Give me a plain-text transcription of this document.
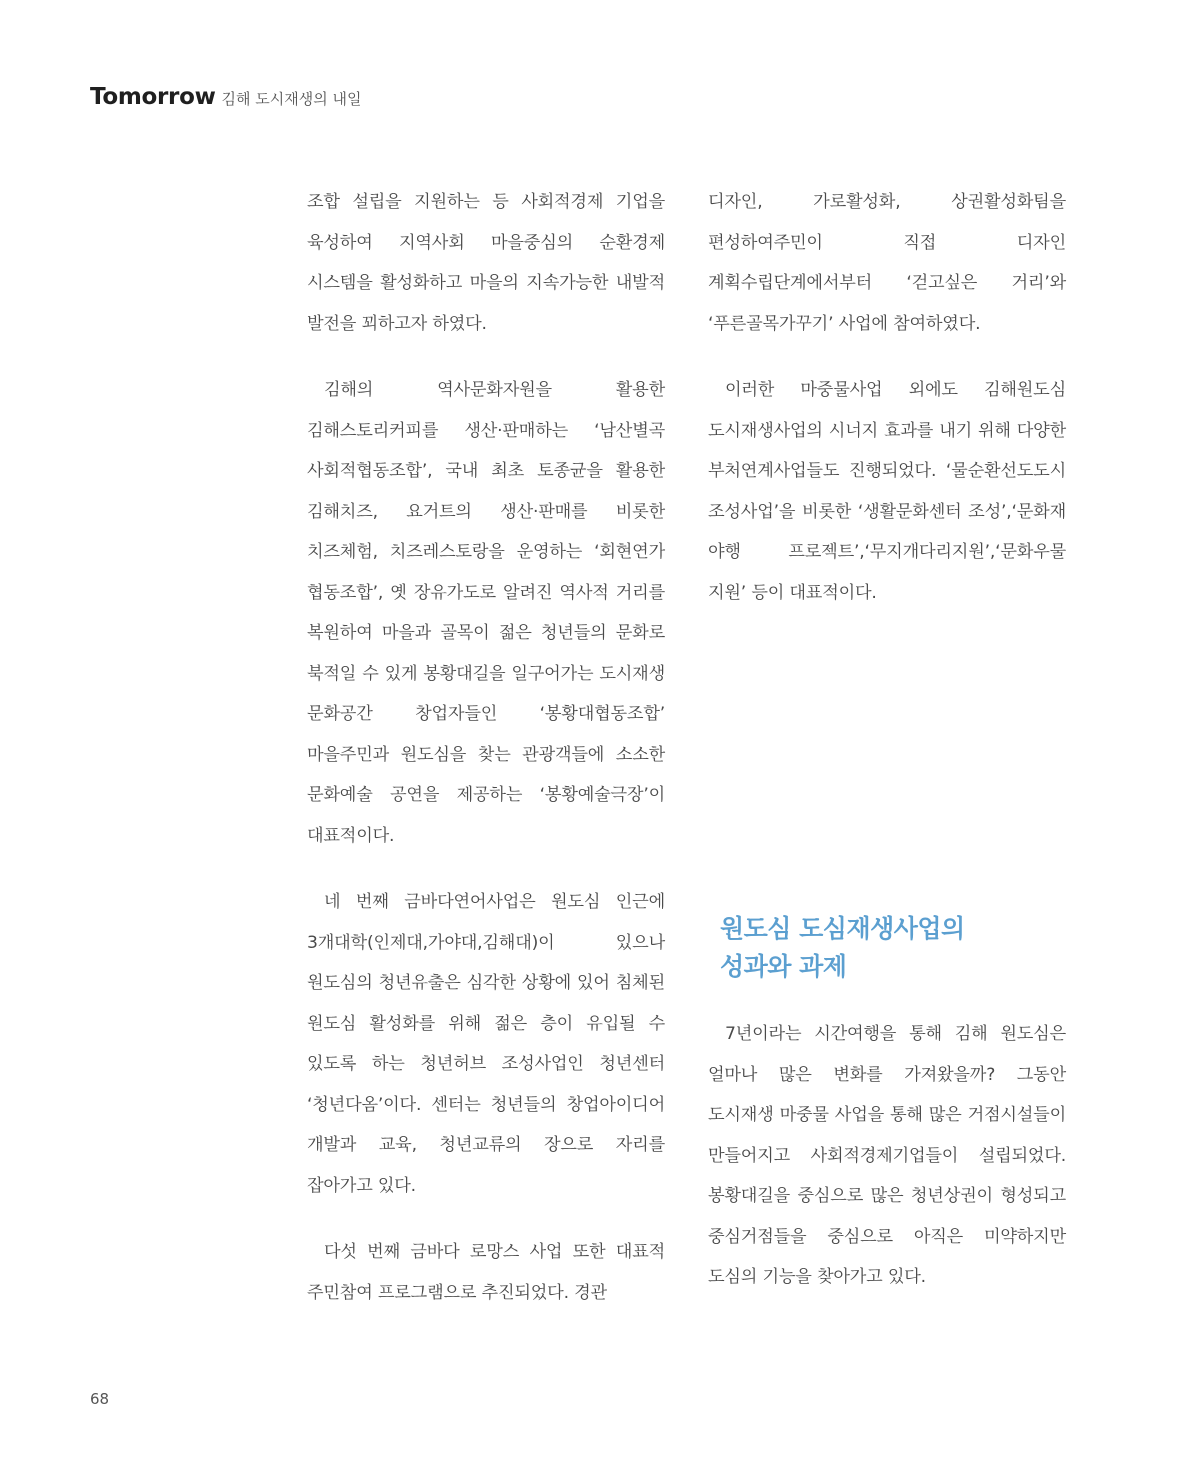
Tomorrow 김해 도시재생의 내일

조합 설립을 지원하는 등 사회적경제 기업을 육성하여 지역사회 마을중심의 순환경제 시스템을 활성화하고 마을의 지속가능한 내발적 발전을 꾀하고자 하였다.

김해의 역사문화자원을 활용한 김해스토리커피를 생산·판매하는 ‘남산별곡 사회적협동조합’, 국내 최초 토종균을 활용한 김해치즈, 요거트의 생산·판매를 비롯한 치즈체험, 치즈레스토랑을 운영하는 ‘회현연가 협동조합’, 옛 장유가도로 알려진 역사적 거리를 복원하여 마을과 골목이 젊은 청년들의 문화로 북적일 수 있게 봉황대길을 일구어가는 도시재생 문화공간 창업자들인 ‘봉황대협동조합’ 마을주민과 원도심을 찾는 관광객들에 소소한 문화예술 공연을 제공하는 ‘봉황예술극장’이 대표적이다.

네 번째 금바다연어사업은 원도심 인근에 3개대학(인제대,가야대,김해대)이 있으나 원도심의 청년유출은 심각한 상황에 있어 침체된 원도심 활성화를 위해 젊은 층이 유입될 수 있도록 하는 청년허브 조성사업인 청년센터 ‘청년다옴’이다. 센터는 청년들의 창업아이디어 개발과 교육, 청년교류의 장으로 자리를 잡아가고 있다.

다섯 번째 금바다 로망스 사업 또한 대표적 주민참여 프로그램으로 추진되었다. 경관

디자인, 가로활성화, 상권활성화팀을 편성하여주민이 직접 디자인 계획수립단계에서부터 ‘걷고싶은 거리’와 ‘푸른골목가꾸기’ 사업에 참여하였다.

이러한 마중물사업 외에도 김해원도심 도시재생사업의 시너지 효과를 내기 위해 다양한 부처연계사업들도 진행되었다. ‘물순환선도도시 조성사업’을 비롯한 ‘생활문화센터 조성’,‘문화재 야행 프로젝트’,‘무지개다리지원’,‘문화우물 지원’ 등이 대표적이다.

원도심 도심재생사업의
성과와 과제

7년이라는 시간여행을 통해 김해 원도심은 얼마나 많은 변화를 가져왔을까? 그동안 도시재생 마중물 사업을 통해 많은 거점시설들이 만들어지고 사회적경제기업들이 설립되었다. 봉황대길을 중심으로 많은 청년상권이 형성되고 중심거점들을 중심으로 아직은 미약하지만 도심의 기능을 찾아가고 있다.

68
